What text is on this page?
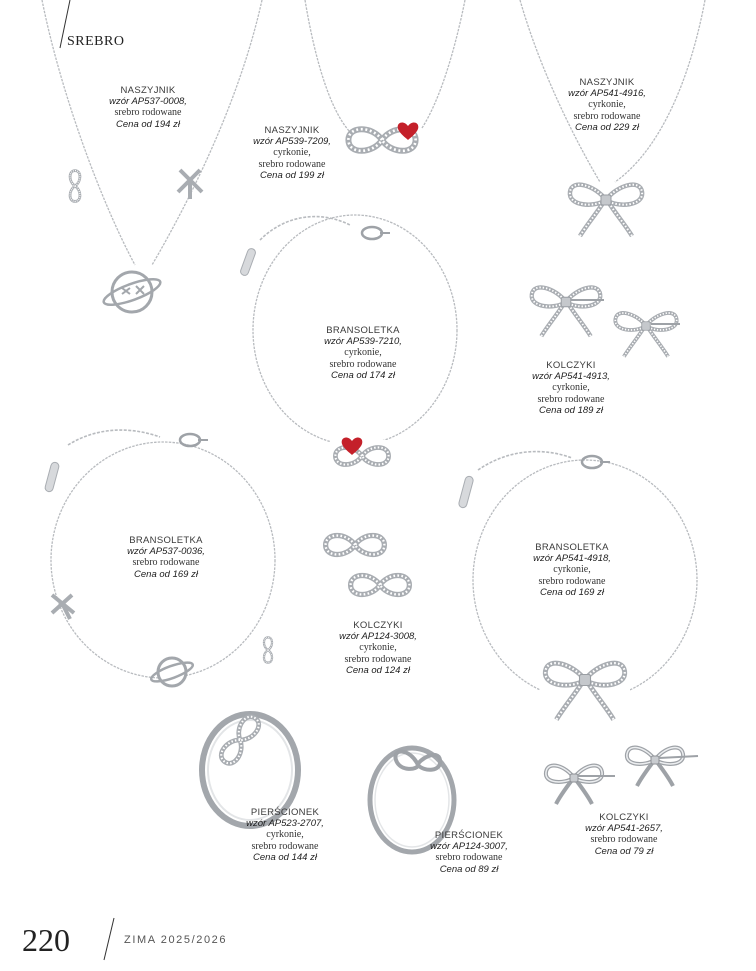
SREBRO
NASZYJNIK
wzór AP537-0008,
srebro rodowane
Cena od 194 zł
NASZYJNIK
wzór AP539-7209,
cyrkonie,
srebro rodowane
Cena od 199 zł
NASZYJNIK
wzór AP541-4916,
cyrkonie,
srebro rodowane
Cena od 229 zł
BRANSOLETKA
wzór AP539-7210,
cyrkonie,
srebro rodowane
Cena od 174 zł
KOLCZYKI
wzór AP541-4913,
cyrkonie,
srebro rodowane
Cena od 189 zł
BRANSOLETKA
wzór AP537-0036,
srebro rodowane
Cena od 169 zł
KOLCZYKI
wzór AP124-3008,
cyrkonie,
srebro rodowane
Cena od 124 zł
BRANSOLETKA
wzór AP541-4918,
cyrkonie,
srebro rodowane
Cena od 169 zł
PIERŚCIONEK
wzór AP523-2707,
cyrkonie,
srebro rodowane
Cena od 144 zł
PIERŚCIONEK
wzór AP124-3007,
srebro rodowane
Cena od 89 zł
KOLCZYKI
wzór AP541-2657,
srebro rodowane
Cena od 79 zł
220	ZIMA 2025/2026
